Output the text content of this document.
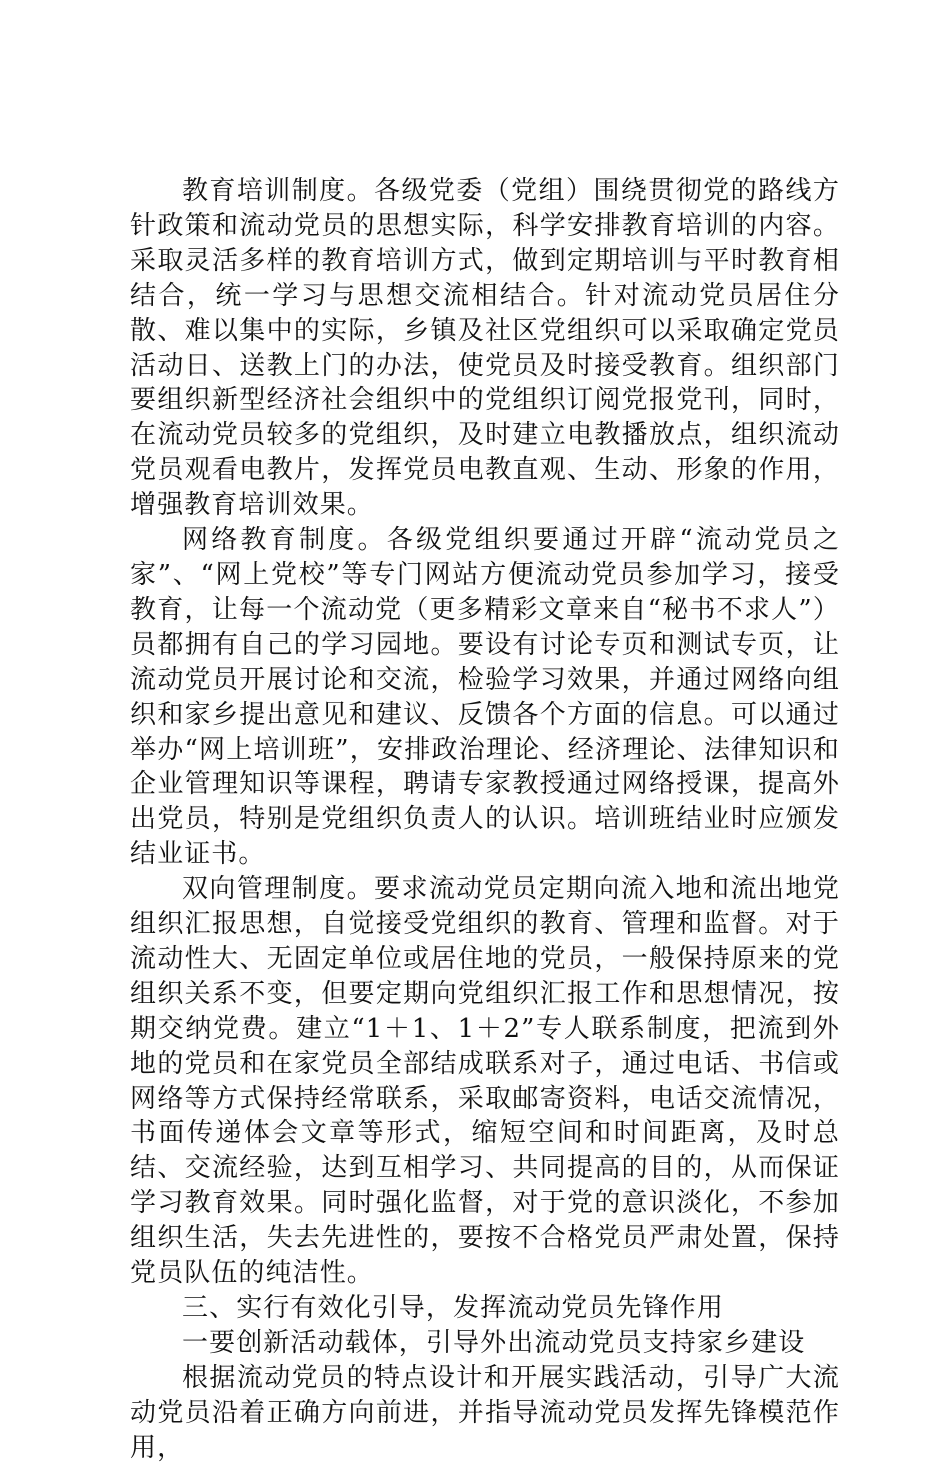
教育培训制度。各级党委（党组）围绕贯彻党的路线方针政策和流动党员的思想实际，科学安排教育培训的内容。采取灵活多样的教育培训方式，做到定期培训与平时教育相结合，统一学习与思想交流相结合。针对流动党员居住分散、难以集中的实际，乡镇及社区党组织可以采取确定党员活动日、送教上门的办法，使党员及时接受教育。组织部门要组织新型经济社会组织中的党组织订阅党报党刊，同时，在流动党员较多的党组织，及时建立电教播放点，组织流动党员观看电教片，发挥党员电教直观、生动、形象的作用，增强教育培训效果。

网络教育制度。各级党组织要通过开辟“流动党员之家”、“网上党校”等专门网站方便流动党员参加学习，接受教育，让每一个流动党（更多精彩文章来自“秘书不求人”）员都拥有自己的学习园地。要设有讨论专页和测试专页，让流动党员开展讨论和交流，检验学习效果，并通过网络向组织和家乡提出意见和建议、反馈各个方面的信息。可以通过举办“网上培训班”，安排政治理论、经济理论、法律知识和企业管理知识等课程，聘请专家教授通过网络授课，提高外出党员，特别是党组织负责人的认识。培训班结业时应颁发结业证书。

双向管理制度。要求流动党员定期向流入地和流出地党组织汇报思想，自觉接受党组织的教育、管理和监督。对于流动性大、无固定单位或居住地的党员，一般保持原来的党组织关系不变，但要定期向党组织汇报工作和思想情况，按期交纳党费。建立“1＋1、1＋2”专人联系制度，把流到外地的党员和在家党员全部结成联系对子，通过电话、书信或网络等方式保持经常联系，采取邮寄资料，电话交流情况，书面传递体会文章等形式，缩短空间和时间距离，及时总结、交流经验，达到互相学习、共同提高的目的，从而保证学习教育效果。同时强化监督，对于党的意识淡化，不参加组织生活，失去先进性的，要按不合格党员严肃处置，保持党员队伍的纯洁性。

三、实行有效化引导，发挥流动党员先锋作用

一要创新活动载体，引导外出流动党员支持家乡建设

根据流动党员的特点设计和开展实践活动，引导广大流动党员沿着正确方向前进，并指导流动党员发挥先锋模范作用，
